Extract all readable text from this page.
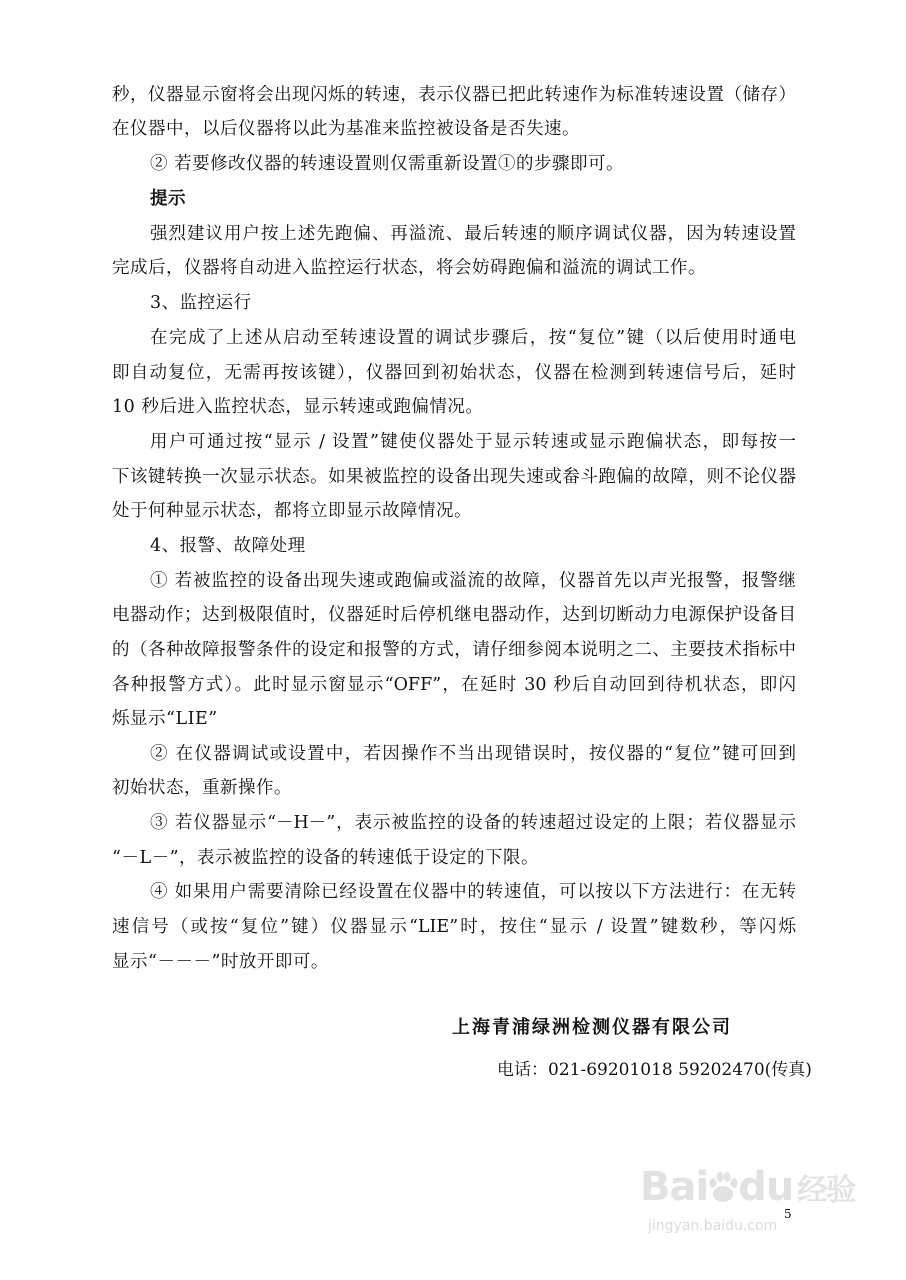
秒，仪器显示窗将会出现闪烁的转速，表示仪器已把此转速作为标准转速设置（储存）
在仪器中，以后仪器将以此为基准来监控被设备是否失速。
② 若要修改仪器的转速设置则仅需重新设置①的步骤即可。
提示
强烈建议用户按上述先跑偏、再溢流、最后转速的顺序调试仪器，因为转速设置
完成后，仪器将自动进入监控运行状态，将会妨碍跑偏和溢流的调试工作。
3、监控运行
在完成了上述从启动至转速设置的调试步骤后，按“复位”键（以后使用时通电
即自动复位，无需再按该键），仪器回到初始状态，仪器在检测到转速信号后，延时
10 秒后进入监控状态，显示转速或跑偏情况。
用户可通过按“显示 / 设置”键使仪器处于显示转速或显示跑偏状态，即每按一
下该键转换一次显示状态。如果被监控的设备出现失速或畚斗跑偏的故障，则不论仪器
处于何种显示状态，都将立即显示故障情况。
4、报警、故障处理
① 若被监控的设备出现失速或跑偏或溢流的故障，仪器首先以声光报警，报警继
电器动作；达到极限值时，仪器延时后停机继电器动作，达到切断动力电源保护设备目
的（各种故障报警条件的设定和报警的方式，请仔细参阅本说明之二、主要技术指标中
各种报警方式）。此时显示窗显示“OFF”，在延时 30 秒后自动回到待机状态，即闪
烁显示“LIE”
② 在仪器调试或设置中，若因操作不当出现错误时，按仪器的“复位”键可回到
初始状态，重新操作。
③ 若仪器显示“－H－”，表示被监控的设备的转速超过设定的上限；若仪器显示
“－L－”，表示被监控的设备的转速低于设定的下限。
④ 如果用户需要清除已经设置在仪器中的转速值，可以按以下方法进行：在无转
速信号（或按“复位”键）仪器显示“LIE”时，按住“显示 / 设置”键数秒，等闪烁
显示“－－－”时放开即可。
上海青浦绿洲检测仪器有限公司
电话：021-69201018 59202470(传真)
Bai du 经验
jingyan.baidu.com
5
